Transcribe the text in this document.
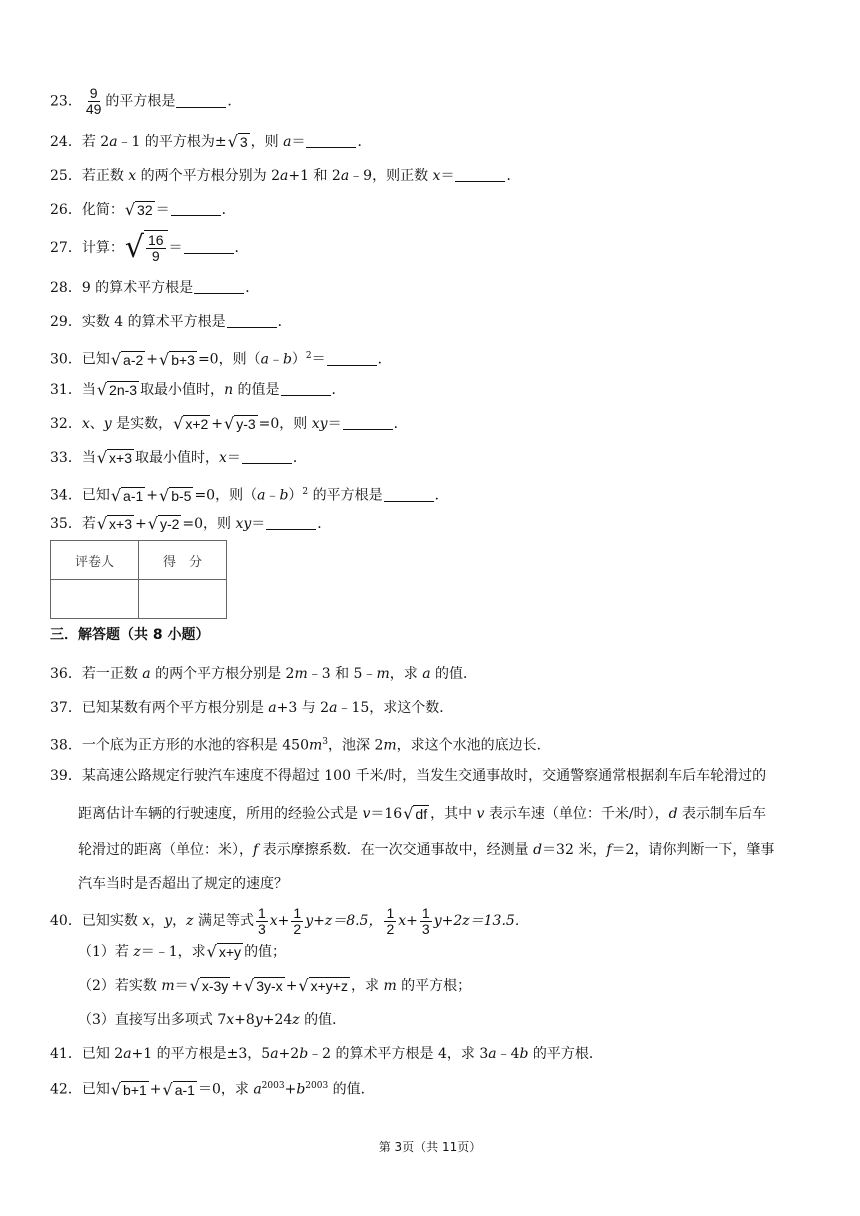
23． $\frac{9}{49}$ 的平方根是	．
24．若 2a﹣1 的平方根为± √ 3 ，则 a＝	．
25．若正数 x 的两个平方根分别为 2a+1 和 2a﹣9，则正数 x＝	．
26．化简： √ 32 ＝	．
27．计算： √ $\frac{16}{9}$ ＝	．
28．9 的算术平方根是	．
29．实数 4 的算术平方根是	．
30．已知 √ a-2 + √ b+3 =0，则（a﹣b）$^2$＝	．
31．当 √ 2n-3 取最小值时，n 的值是	．
32．x、y 是实数， √ x+2 + √ y-3 =0，则 xy＝	．
33．当 √ x+3 取最小值时，x＝	．
34．已知 √ a-1 + √ b-5 =0，则（a﹣b）$^2$ 的平方根是	．
35．若 √ x+3 + √ y-2 =0，则 xy＝	．
评卷人	得　分

三．解答题（共 8 小题）
36．若一正数 a 的两个平方根分别是 2m﹣3 和 5﹣m，求 a 的值．
37．已知某数有两个平方根分别是 a+3 与 2a﹣15，求这个数．
38．一个底为正方形的水池的容积是 $450m^3$，池深 2m，求这个水池的底边长．
39．某高速公路规定行驶汽车速度不得超过 100 千米/时，当发生交通事故时，交通警察通常根据刹车后车轮滑过的
距离估计车辆的行驶速度，所用的经验公式是 v＝16 √ df ，其中 v 表示车速（单位：千米/时），d 表示制车后车
轮滑过的距离（单位：米），f 表示摩擦系数．在一次交通事故中，经测量 d＝32 米，f＝2，请你判断一下，肇事
汽车当时是否超出了规定的速度？
40．已知实数 x，y，z 满足等式 $\frac{1}{3} x+ \frac{1}{2} y+z=8.5$， $\frac{1}{2} x+ \frac{1}{3} y+2z=13.5$．
（1）若 z＝﹣1，求 √ x+y 的值；
（2）若实数 m＝ √ x-3y + √ 3y-x + √ x+y+z ，求 m 的平方根；
（3）直接写出多项式 7x+8y+24z 的值．
41．已知 2a+1 的平方根是±3，5a+2b﹣2 的算术平方根是 4，求 3a﹣4b 的平方根．
42．已知 √ b+1 + √ a-1 ＝0，求 $a^{2003}+b^{2003}$ 的值．
第 3页（共 11页）
